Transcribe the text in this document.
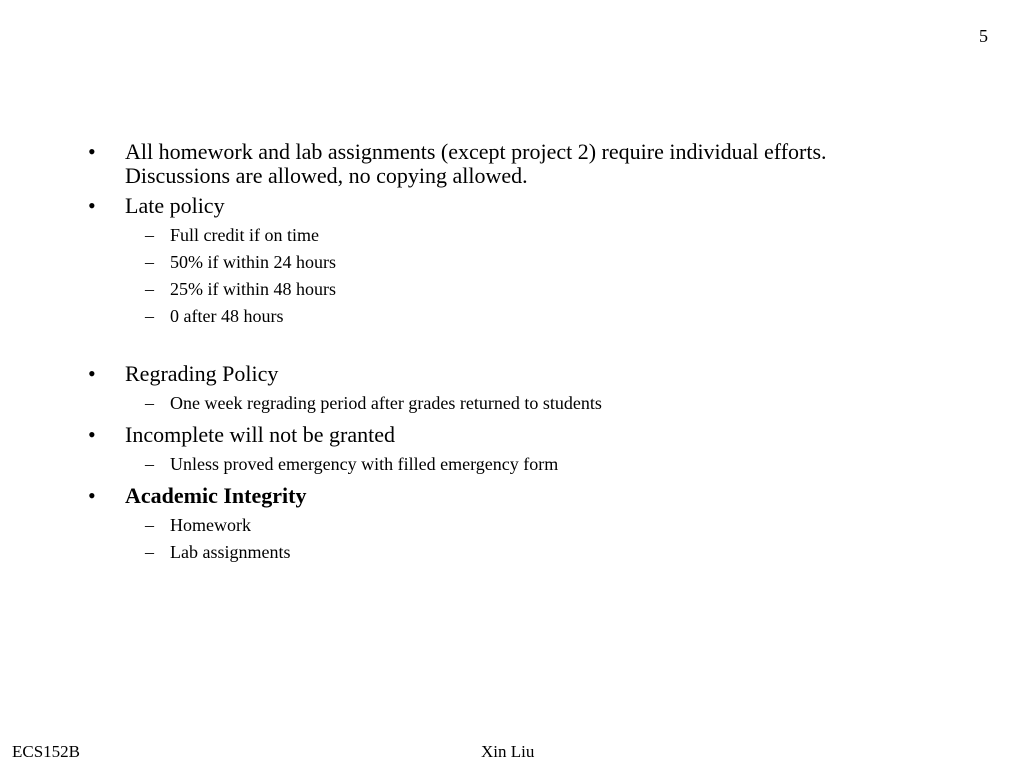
5
• All homework and lab assignments (except project 2) require individual efforts. Discussions are allowed, no copying allowed.
• Late policy
– Full credit if on time
– 50% if within 24 hours
– 25% if within 48 hours
– 0 after 48 hours
• Regrading Policy
– One week regrading period after grades returned to students
• Incomplete will not be granted
– Unless proved emergency with filled emergency form
• Academic Integrity
– Homework
– Lab assignments
ECS152B	Xin Liu
